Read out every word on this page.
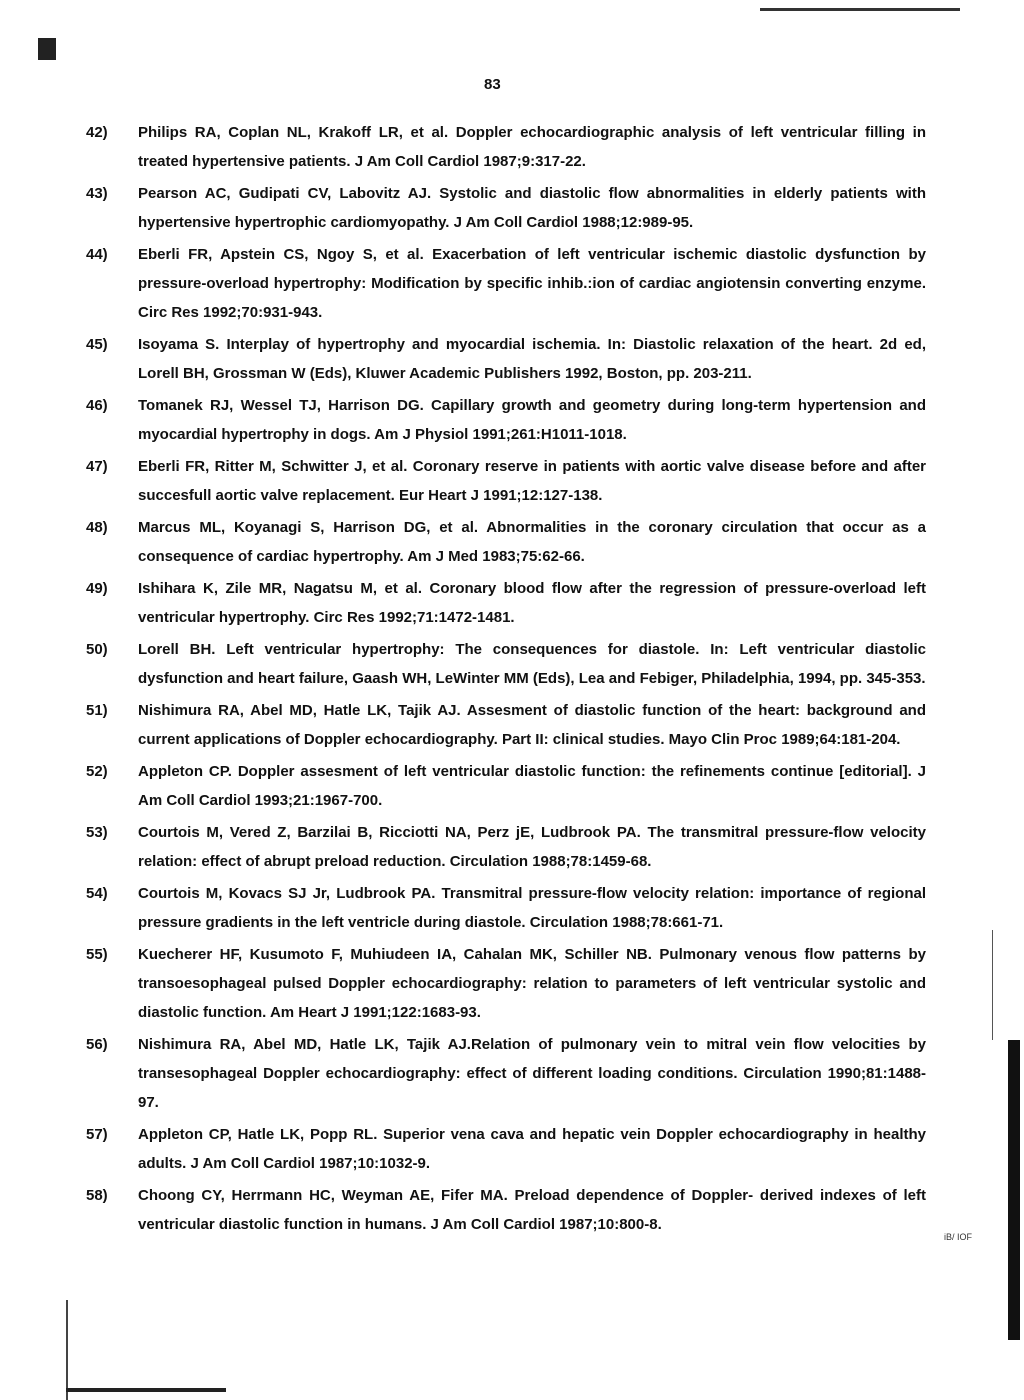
iB/ IOF
83
42)	Philips RA, Coplan NL, Krakoff LR, et al. Doppler echocardiographic analysis of left ventricular filling in treated hypertensive patients. J Am Coll Cardiol 1987;9:317-22.
43)	Pearson AC, Gudipati CV, Labovitz AJ. Systolic and diastolic flow abnormalities in elderly patients with hypertensive hypertrophic cardiomyopathy. J Am Coll Cardiol 1988;12:989-95.
44)	Eberli FR, Apstein CS, Ngoy S, et al. Exacerbation of left ventricular ischemic diastolic dysfunction by pressure-overload hypertrophy: Modification by specific inhib.:ion of cardiac angiotensin converting enzyme. Circ Res 1992;70:931-943.
45)	Isoyama S. Interplay of hypertrophy and myocardial ischemia. In: Diastolic relaxation of the heart. 2d ed, Lorell BH, Grossman W (Eds), Kluwer Academic Publishers 1992, Boston, pp. 203-211.
46)	Tomanek RJ, Wessel TJ, Harrison DG. Capillary growth and geometry during long-term hypertension and myocardial hypertrophy in dogs. Am J Physiol 1991;261:H1011-1018.
47)	Eberli FR, Ritter M, Schwitter J, et al. Coronary reserve in patients with aortic valve disease before and after succesfull aortic valve replacement. Eur Heart J 1991;12:127-138.
48)	Marcus ML, Koyanagi S, Harrison DG, et al. Abnormalities in the coronary circulation that occur as a consequence of cardiac hypertrophy. Am J Med 1983;75:62-66.
49)	Ishihara K, Zile MR, Nagatsu M, et al. Coronary blood flow after the regression of pressure-overload left ventricular hypertrophy. Circ Res 1992;71:1472-1481.
50)	Lorell BH. Left ventricular hypertrophy: The consequences for diastole. In: Left ventricular diastolic dysfunction and heart failure, Gaash WH, LeWinter MM (Eds), Lea and Febiger, Philadelphia, 1994, pp. 345-353.
51)	Nishimura RA, Abel MD, Hatle LK, Tajik AJ. Assesment of diastolic function of the heart: background and current applications of Doppler echocardiography. Part II: clinical studies. Mayo Clin Proc 1989;64:181-204.
52)	Appleton CP. Doppler assesment of left ventricular diastolic function: the refinements continue [editorial]. J Am Coll Cardiol 1993;21:1967-700.
53)	Courtois M, Vered Z, Barzilai B, Ricciotti NA, Perz jE, Ludbrook PA. The transmitral pressure-flow velocity relation: effect of abrupt preload reduction. Circulation 1988;78:1459-68.
54)	Courtois M, Kovacs SJ Jr, Ludbrook PA. Transmitral pressure-flow velocity relation: importance of regional pressure gradients in the left ventricle during diastole. Circulation 1988;78:661-71.
55)	Kuecherer HF, Kusumoto F, Muhiudeen IA, Cahalan MK, Schiller NB. Pulmonary venous flow patterns by transoesophageal pulsed Doppler echocardiography: relation to parameters of left ventricular systolic and diastolic function. Am Heart J 1991;122:1683-93.
56)	Nishimura RA, Abel MD, Hatle LK, Tajik AJ.Relation of pulmonary vein to mitral vein flow velocities by transesophageal Doppler echocardiography: effect of different loading conditions. Circulation 1990;81:1488-97.
57)	Appleton CP, Hatle LK, Popp RL. Superior vena cava and hepatic vein Doppler echocardiography in healthy adults. J Am Coll Cardiol 1987;10:1032-9.
58)	Choong CY, Herrmann HC, Weyman AE, Fifer MA. Preload dependence of Doppler- derived indexes of left ventricular diastolic function in humans. J Am Coll Cardiol 1987;10:800-8.
